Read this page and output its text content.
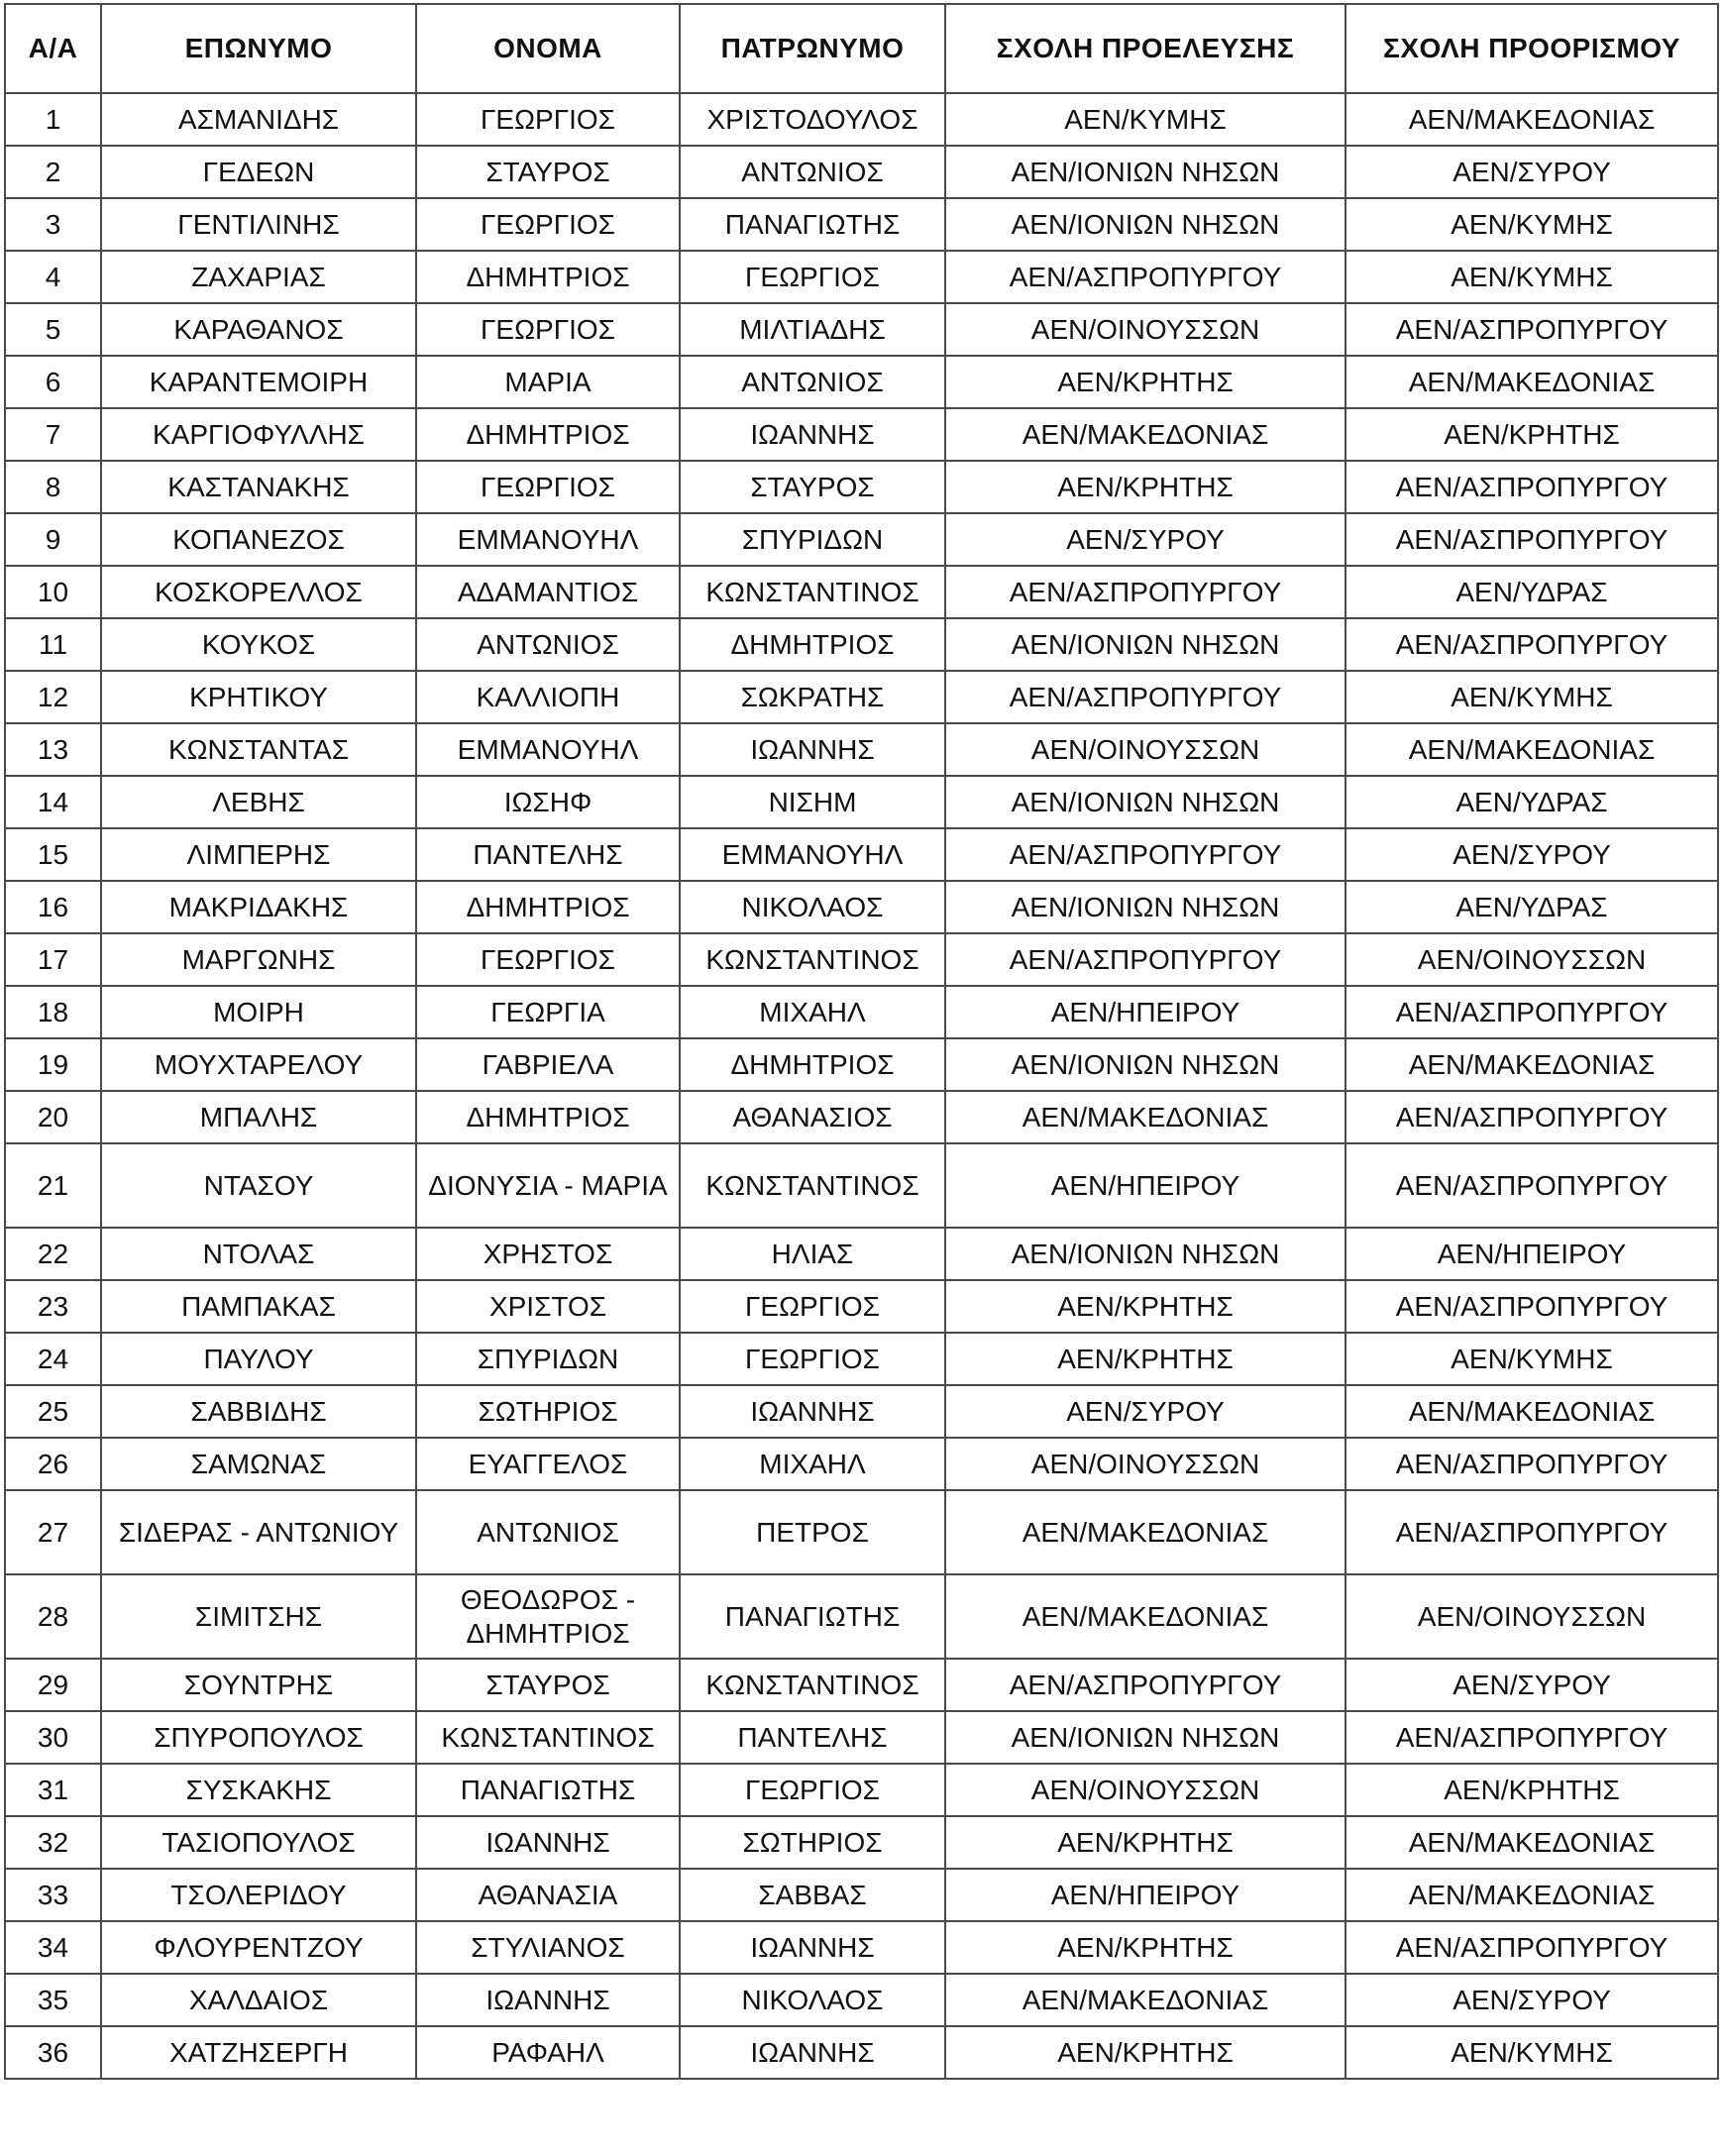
Α/Α	ΕΠΩΝΥΜΟ	ΟΝΟΜΑ	ΠΑΤΡΩΝΥΜΟ	ΣΧΟΛΗ ΠΡΟΕΛΕΥΣΗΣ	ΣΧΟΛΗ ΠΡΟΟΡΙΣΜΟΥ
1	ΑΣΜΑΝΙΔΗΣ	ΓΕΩΡΓΙΟΣ	ΧΡΙΣΤΟΔΟΥΛΟΣ	ΑΕΝ/ΚΥΜΗΣ	ΑΕΝ/ΜΑΚΕΔΟΝΙΑΣ
2	ΓΕΔΕΩΝ	ΣΤΑΥΡΟΣ	ΑΝΤΩΝΙΟΣ	ΑΕΝ/ΙΟΝΙΩΝ ΝΗΣΩΝ	ΑΕΝ/ΣΥΡΟΥ
3	ΓΕΝΤΙΛΙΝΗΣ	ΓΕΩΡΓΙΟΣ	ΠΑΝΑΓΙΩΤΗΣ	ΑΕΝ/ΙΟΝΙΩΝ ΝΗΣΩΝ	ΑΕΝ/ΚΥΜΗΣ
4	ΖΑΧΑΡΙΑΣ	ΔΗΜΗΤΡΙΟΣ	ΓΕΩΡΓΙΟΣ	ΑΕΝ/ΑΣΠΡΟΠΥΡΓΟΥ	ΑΕΝ/ΚΥΜΗΣ
5	ΚΑΡΑΘΑΝΟΣ	ΓΕΩΡΓΙΟΣ	ΜΙΛΤΙΑΔΗΣ	ΑΕΝ/ΟΙΝΟΥΣΣΩΝ	ΑΕΝ/ΑΣΠΡΟΠΥΡΓΟΥ
6	ΚΑΡΑΝΤΕΜΟΙΡΗ	ΜΑΡΙΑ	ΑΝΤΩΝΙΟΣ	ΑΕΝ/ΚΡΗΤΗΣ	ΑΕΝ/ΜΑΚΕΔΟΝΙΑΣ
7	ΚΑΡΓΙΟΦΥΛΛΗΣ	ΔΗΜΗΤΡΙΟΣ	ΙΩΑΝΝΗΣ	ΑΕΝ/ΜΑΚΕΔΟΝΙΑΣ	ΑΕΝ/ΚΡΗΤΗΣ
8	ΚΑΣΤΑΝΑΚΗΣ	ΓΕΩΡΓΙΟΣ	ΣΤΑΥΡΟΣ	ΑΕΝ/ΚΡΗΤΗΣ	ΑΕΝ/ΑΣΠΡΟΠΥΡΓΟΥ
9	ΚΟΠΑΝΕΖΟΣ	ΕΜΜΑΝΟΥΗΛ	ΣΠΥΡΙΔΩΝ	ΑΕΝ/ΣΥΡΟΥ	ΑΕΝ/ΑΣΠΡΟΠΥΡΓΟΥ
10	ΚΟΣΚΟΡΕΛΛΟΣ	ΑΔΑΜΑΝΤΙΟΣ	ΚΩΝΣΤΑΝΤΙΝΟΣ	ΑΕΝ/ΑΣΠΡΟΠΥΡΓΟΥ	ΑΕΝ/ΥΔΡΑΣ
11	ΚΟΥΚΟΣ	ΑΝΤΩΝΙΟΣ	ΔΗΜΗΤΡΙΟΣ	ΑΕΝ/ΙΟΝΙΩΝ ΝΗΣΩΝ	ΑΕΝ/ΑΣΠΡΟΠΥΡΓΟΥ
12	ΚΡΗΤΙΚΟΥ	ΚΑΛΛΙΟΠΗ	ΣΩΚΡΑΤΗΣ	ΑΕΝ/ΑΣΠΡΟΠΥΡΓΟΥ	ΑΕΝ/ΚΥΜΗΣ
13	ΚΩΝΣΤΑΝΤΑΣ	ΕΜΜΑΝΟΥΗΛ	ΙΩΑΝΝΗΣ	ΑΕΝ/ΟΙΝΟΥΣΣΩΝ	ΑΕΝ/ΜΑΚΕΔΟΝΙΑΣ
14	ΛΕΒΗΣ	ΙΩΣΗΦ	ΝΙΣΗΜ	ΑΕΝ/ΙΟΝΙΩΝ ΝΗΣΩΝ	ΑΕΝ/ΥΔΡΑΣ
15	ΛΙΜΠΕΡΗΣ	ΠΑΝΤΕΛΗΣ	ΕΜΜΑΝΟΥΗΛ	ΑΕΝ/ΑΣΠΡΟΠΥΡΓΟΥ	ΑΕΝ/ΣΥΡΟΥ
16	ΜΑΚΡΙΔΑΚΗΣ	ΔΗΜΗΤΡΙΟΣ	ΝΙΚΟΛΑΟΣ	ΑΕΝ/ΙΟΝΙΩΝ ΝΗΣΩΝ	ΑΕΝ/ΥΔΡΑΣ
17	ΜΑΡΓΩΝΗΣ	ΓΕΩΡΓΙΟΣ	ΚΩΝΣΤΑΝΤΙΝΟΣ	ΑΕΝ/ΑΣΠΡΟΠΥΡΓΟΥ	ΑΕΝ/ΟΙΝΟΥΣΣΩΝ
18	ΜΟΙΡΗ	ΓΕΩΡΓΙΑ	ΜΙΧΑΗΛ	ΑΕΝ/ΗΠΕΙΡΟΥ	ΑΕΝ/ΑΣΠΡΟΠΥΡΓΟΥ
19	ΜΟΥΧΤΑΡΕΛΟΥ	ΓΑΒΡΙΕΛΑ	ΔΗΜΗΤΡΙΟΣ	ΑΕΝ/ΙΟΝΙΩΝ ΝΗΣΩΝ	ΑΕΝ/ΜΑΚΕΔΟΝΙΑΣ
20	ΜΠΑΛΗΣ	ΔΗΜΗΤΡΙΟΣ	ΑΘΑΝΑΣΙΟΣ	ΑΕΝ/ΜΑΚΕΔΟΝΙΑΣ	ΑΕΝ/ΑΣΠΡΟΠΥΡΓΟΥ
21	ΝΤΑΣΟΥ	ΔΙΟΝΥΣΙΑ - ΜΑΡΙΑ	ΚΩΝΣΤΑΝΤΙΝΟΣ	ΑΕΝ/ΗΠΕΙΡΟΥ	ΑΕΝ/ΑΣΠΡΟΠΥΡΓΟΥ
22	ΝΤΟΛΑΣ	ΧΡΗΣΤΟΣ	ΗΛΙΑΣ	ΑΕΝ/ΙΟΝΙΩΝ ΝΗΣΩΝ	ΑΕΝ/ΗΠΕΙΡΟΥ
23	ΠΑΜΠΑΚΑΣ	ΧΡΙΣΤΟΣ	ΓΕΩΡΓΙΟΣ	ΑΕΝ/ΚΡΗΤΗΣ	ΑΕΝ/ΑΣΠΡΟΠΥΡΓΟΥ
24	ΠΑΥΛΟΥ	ΣΠΥΡΙΔΩΝ	ΓΕΩΡΓΙΟΣ	ΑΕΝ/ΚΡΗΤΗΣ	ΑΕΝ/ΚΥΜΗΣ
25	ΣΑΒΒΙΔΗΣ	ΣΩΤΗΡΙΟΣ	ΙΩΑΝΝΗΣ	ΑΕΝ/ΣΥΡΟΥ	ΑΕΝ/ΜΑΚΕΔΟΝΙΑΣ
26	ΣΑΜΩΝΑΣ	ΕΥΑΓΓΕΛΟΣ	ΜΙΧΑΗΛ	ΑΕΝ/ΟΙΝΟΥΣΣΩΝ	ΑΕΝ/ΑΣΠΡΟΠΥΡΓΟΥ
27	ΣΙΔΕΡΑΣ - ΑΝΤΩΝΙΟΥ	ΑΝΤΩΝΙΟΣ	ΠΕΤΡΟΣ	ΑΕΝ/ΜΑΚΕΔΟΝΙΑΣ	ΑΕΝ/ΑΣΠΡΟΠΥΡΓΟΥ
28	ΣΙΜΙΤΣΗΣ	ΘΕΟΔΩΡΟΣ - ΔΗΜΗΤΡΙΟΣ	ΠΑΝΑΓΙΩΤΗΣ	ΑΕΝ/ΜΑΚΕΔΟΝΙΑΣ	ΑΕΝ/ΟΙΝΟΥΣΣΩΝ
29	ΣΟΥΝΤΡΗΣ	ΣΤΑΥΡΟΣ	ΚΩΝΣΤΑΝΤΙΝΟΣ	ΑΕΝ/ΑΣΠΡΟΠΥΡΓΟΥ	ΑΕΝ/ΣΥΡΟΥ
30	ΣΠΥΡΟΠΟΥΛΟΣ	ΚΩΝΣΤΑΝΤΙΝΟΣ	ΠΑΝΤΕΛΗΣ	ΑΕΝ/ΙΟΝΙΩΝ ΝΗΣΩΝ	ΑΕΝ/ΑΣΠΡΟΠΥΡΓΟΥ
31	ΣΥΣΚΑΚΗΣ	ΠΑΝΑΓΙΩΤΗΣ	ΓΕΩΡΓΙΟΣ	ΑΕΝ/ΟΙΝΟΥΣΣΩΝ	ΑΕΝ/ΚΡΗΤΗΣ
32	ΤΑΣΙΟΠΟΥΛΟΣ	ΙΩΑΝΝΗΣ	ΣΩΤΗΡΙΟΣ	ΑΕΝ/ΚΡΗΤΗΣ	ΑΕΝ/ΜΑΚΕΔΟΝΙΑΣ
33	ΤΣΟΛΕΡΙΔΟΥ	ΑΘΑΝΑΣΙΑ	ΣΑΒΒΑΣ	ΑΕΝ/ΗΠΕΙΡΟΥ	ΑΕΝ/ΜΑΚΕΔΟΝΙΑΣ
34	ΦΛΟΥΡΕΝΤΖΟΥ	ΣΤΥΛΙΑΝΟΣ	ΙΩΑΝΝΗΣ	ΑΕΝ/ΚΡΗΤΗΣ	ΑΕΝ/ΑΣΠΡΟΠΥΡΓΟΥ
35	ΧΑΛΔΑΙΟΣ	ΙΩΑΝΝΗΣ	ΝΙΚΟΛΑΟΣ	ΑΕΝ/ΜΑΚΕΔΟΝΙΑΣ	ΑΕΝ/ΣΥΡΟΥ
36	ΧΑΤΖΗΣΕΡΓΗ	ΡΑΦΑΗΛ	ΙΩΑΝΝΗΣ	ΑΕΝ/ΚΡΗΤΗΣ	ΑΕΝ/ΚΥΜΗΣ
